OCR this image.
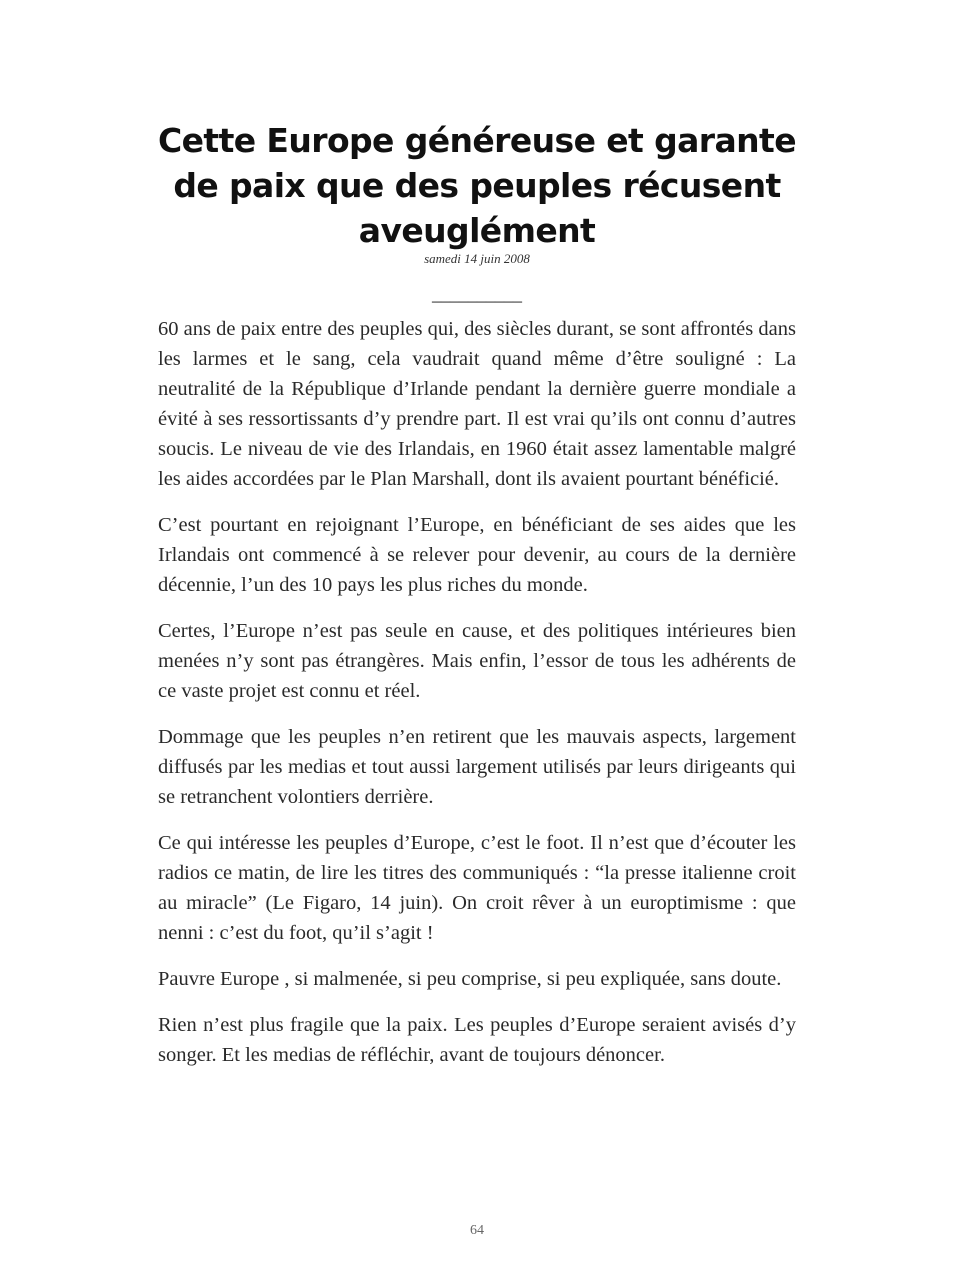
Cette Europe généreuse et garante de paix que des peuples récusent aveuglément
samedi 14 juin 2008
__________

60 ans de paix entre des peuples qui, des siècles durant, se sont affrontés dans les larmes et le sang, cela vaudrait quand même d’être souligné : La neutralité de la République d’Irlande pendant la dernière guerre mondiale a évité à ses ressortissants d’y prendre part. Il est vrai qu’ils ont connu d’autres soucis. Le niveau de vie des Irlandais, en 1960 était assez lamentable malgré les aides accordées par le Plan Marshall, dont ils avaient pourtant bénéficié.

C’est pourtant en rejoignant l’Europe, en bénéficiant de ses aides que les Irlandais ont commencé à se relever pour devenir, au cours de la dernière décennie, l’un des 10 pays les plus riches du monde.

Certes, l’Europe n’est pas seule en cause, et des politiques intérieures bien menées n’y sont pas étrangères. Mais enfin, l’essor de tous les adhérents de ce vaste projet est connu et réel.

Dommage que les peuples n’en retirent que les mauvais aspects, largement diffusés par les medias et tout aussi largement utilisés par leurs dirigeants qui se retranchent volontiers derrière.

Ce qui intéresse les peuples d’Europe, c’est le foot. Il n’est que d’écouter les radios ce matin, de lire les titres des communiqués : “la presse italienne croit au miracle” (Le Figaro, 14 juin). On croit rêver à un europtimisme : que nenni : c’est du foot, qu’il s’agit !

Pauvre Europe , si malmenée, si peu comprise, si peu expliquée, sans doute.

Rien n’est plus fragile que la paix. Les peuples d’Europe seraient avisés d’y songer. Et les medias de réfléchir, avant de toujours dénoncer.

64
